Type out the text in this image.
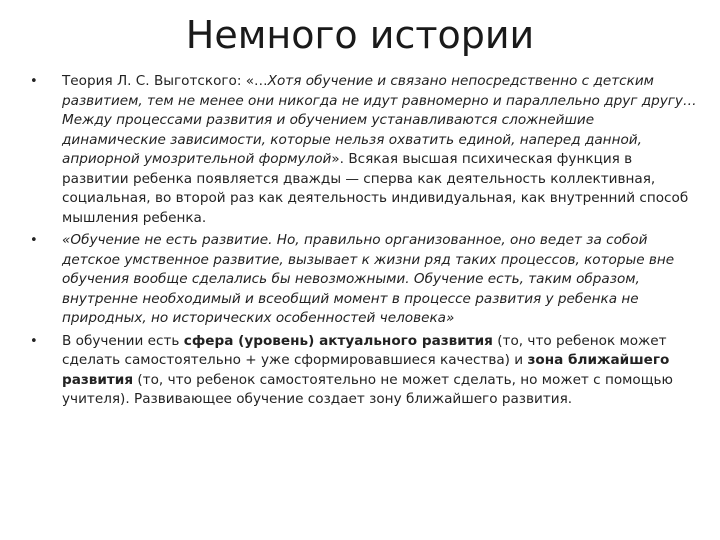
Немного истории
•	Теория Л. С. Выготского: «…Хотя обучение и связано непосредственно с детским развитием, тем не менее они никогда не идут равномерно и параллельно друг другу… Между процессами развития и обучением устанавливаются сложнейшие динамические зависимости, которые нельзя охватить единой, наперед данной, априорной умозрительной формулой». Всякая высшая психическая функция в развитии ребенка появляется дважды — сперва как деятельность коллективная, социальная, во второй раз как деятельность индивидуальная, как внутренний способ мышления ребенка.
•	«Обучение не есть развитие. Но, правильно организованное, оно ведет за собой детское умственное развитие, вызывает к жизни ряд таких процессов, которые вне обучения вообще сделались бы невозможными. Обучение есть, таким образом, внутренне необходимый и всеобщий момент в процессе развития у ребенка не природных, но исторических особенностей человека»
•	В обучении есть сфера (уровень) актуального развития (то, что ребенок может сделать самостоятельно + уже сформировавшиеся качества) и зона ближайшего развития (то, что ребенок самостоятельно не может сделать, но может с помощью учителя). Развивающее обучение создает зону ближайшего развития.
